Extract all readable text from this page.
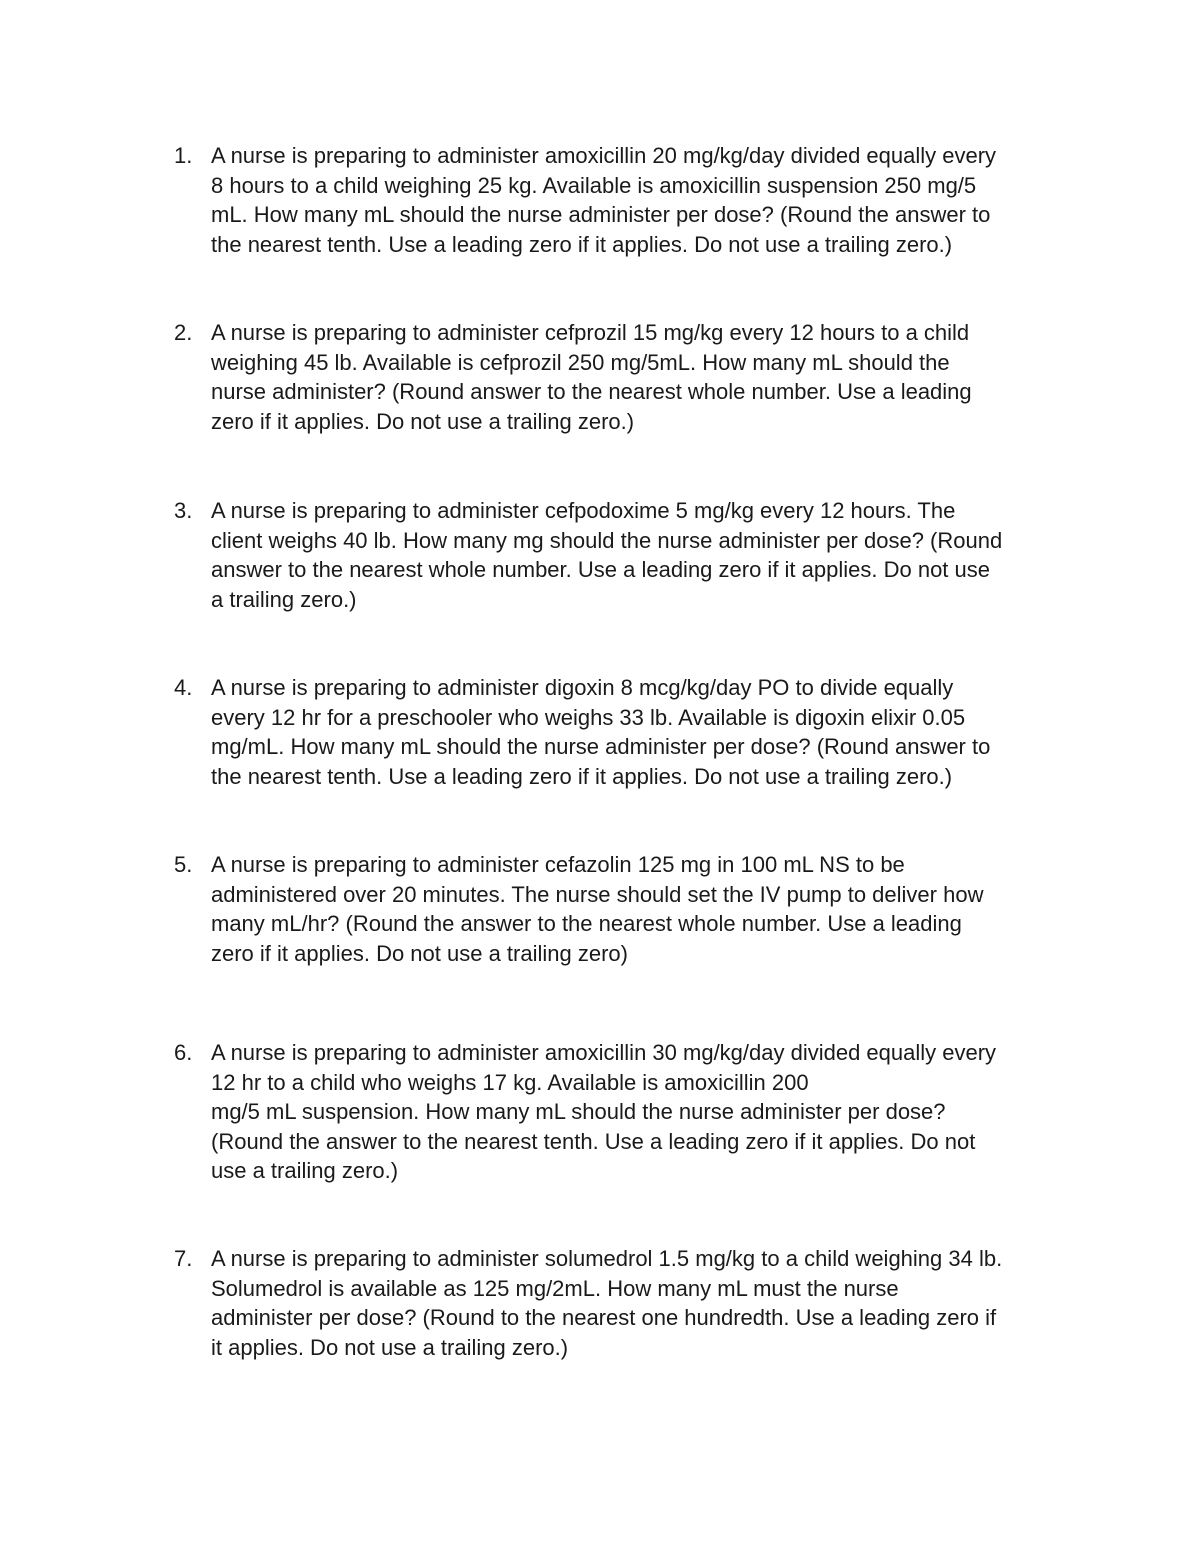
1. A nurse is preparing to administer amoxicillin 20 mg/kg/day divided equally every
8 hours to a child weighing 25 kg. Available is amoxicillin suspension 250 mg/5
mL. How many mL should the nurse administer per dose? (Round the answer to
the nearest tenth. Use a leading zero if it applies. Do not use a trailing zero.)
2. A nurse is preparing to administer cefprozil 15 mg/kg every 12 hours to a child
weighing 45 lb. Available is cefprozil 250 mg/5mL. How many mL should the
nurse administer? (Round answer to the nearest whole number. Use a leading
zero if it applies. Do not use a trailing zero.)
3. A nurse is preparing to administer cefpodoxime 5 mg/kg every 12 hours. The
client weighs 40 lb. How many mg should the nurse administer per dose? (Round
answer to the nearest whole number. Use a leading zero if it applies. Do not use
a trailing zero.)
4. A nurse is preparing to administer digoxin 8 mcg/kg/day PO to divide equally
every 12 hr for a preschooler who weighs 33 lb. Available is digoxin elixir 0.05
mg/mL. How many mL should the nurse administer per dose? (Round answer to
the nearest tenth. Use a leading zero if it applies. Do not use a trailing zero.)
5. A nurse is preparing to administer cefazolin 125 mg in 100 mL NS to be
administered over 20 minutes. The nurse should set the IV pump to deliver how
many mL/hr? (Round the answer to the nearest whole number. Use a leading
zero if it applies. Do not use a trailing zero)
6. A nurse is preparing to administer amoxicillin 30 mg/kg/day divided equally every
12 hr to a child who weighs 17 kg. Available is amoxicillin 200
mg/5 mL suspension. How many mL should the nurse administer per dose?
(Round the answer to the nearest tenth. Use a leading zero if it applies. Do not
use a trailing zero.)
7. A nurse is preparing to administer solumedrol 1.5 mg/kg to a child weighing 34 lb.
Solumedrol is available as 125 mg/2mL. How many mL must the nurse
administer per dose? (Round to the nearest one hundredth. Use a leading zero if
it applies. Do not use a trailing zero.)
